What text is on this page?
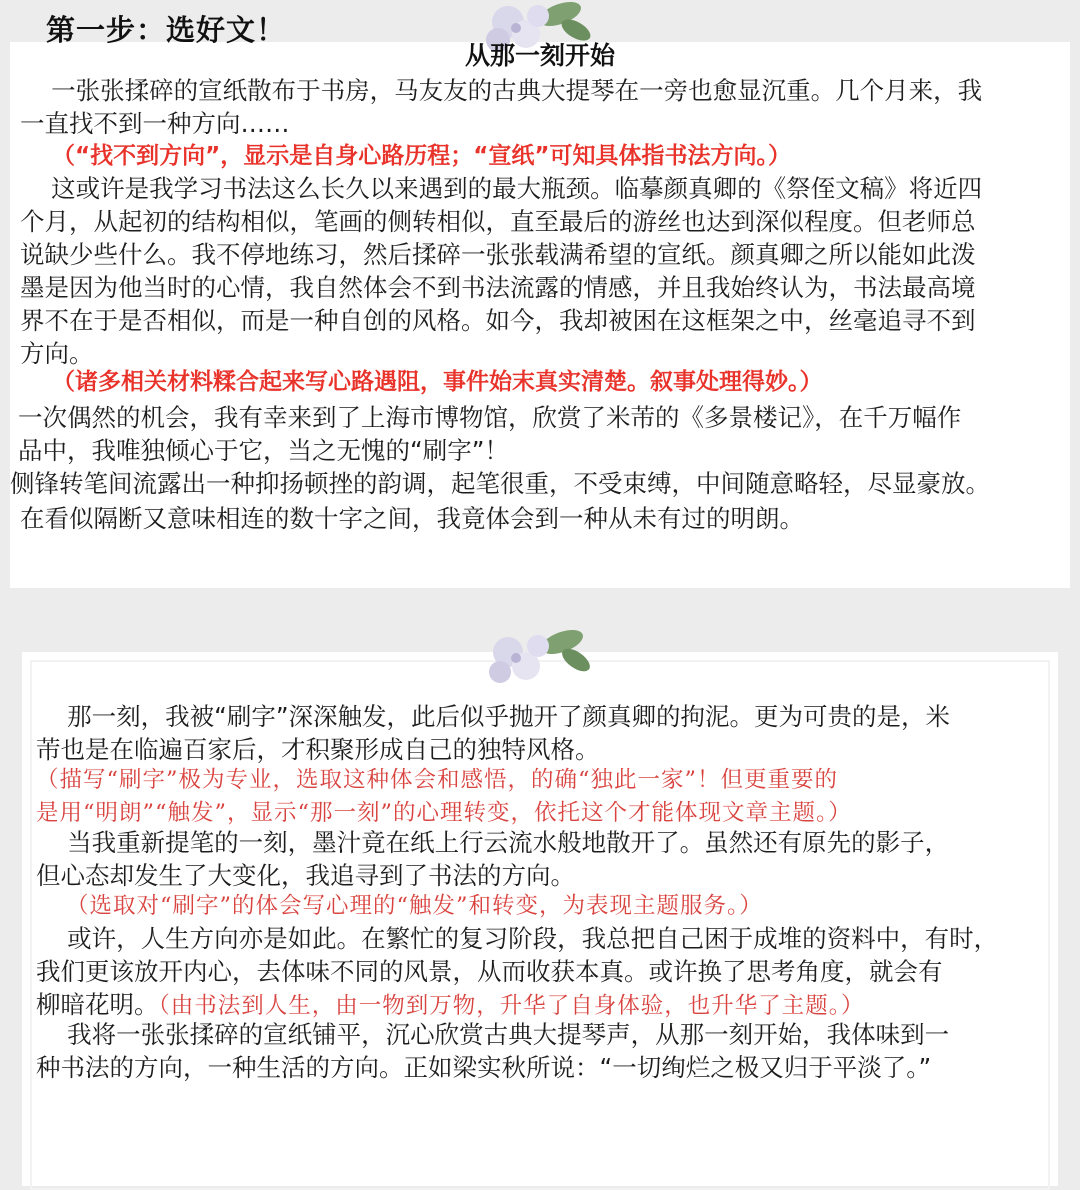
第一步：选好文！
从那一刻开始

一张张揉碎的宣纸散布于书房，马友友的古典大提琴在一旁也愈显沉重。几个月来，我
一直找不到一种方向……

（“找不到方向”，显示是自身心路历程；“宣纸”可知具体指书法方向。）

这或许是我学习书法这么长久以来遇到的最大瓶颈。临摹颜真卿的《祭侄文稿》将近四
个月，从起初的结构相似，笔画的侧转相似，直至最后的游丝也达到深似程度。但老师总
说缺少些什么。我不停地练习，然后揉碎一张张载满希望的宣纸。颜真卿之所以能如此泼
墨是因为他当时的心情，我自然体会不到书法流露的情感，并且我始终认为，书法最高境
界不在于是否相似，而是一种自创的风格。如今，我却被困在这框架之中，丝毫追寻不到
方向。

（诸多相关材料糅合起来写心路遇阻，事件始末真实清楚。叙事处理得妙。）

一次偶然的机会，我有幸来到了上海市博物馆，欣赏了米芾的《多景楼记》，在千万幅作
品中，我唯独倾心于它，当之无愧的“刷字”！

侧锋转笔间流露出一种抑扬顿挫的韵调，起笔很重，不受束缚，中间随意略轻，尽显豪放。

在看似隔断又意味相连的数十字之间，我竟体会到一种从未有过的明朗。

那一刻，我被“刷字”深深触发，此后似乎抛开了颜真卿的拘泥。更为可贵的是，米
芾也是在临遍百家后，才积聚形成自己的独特风格。

（描写“刷字”极为专业，选取这种体会和感悟，的确“独此一家”！但更重要的
是用“明朗”“触发”，显示“那一刻”的心理转变，依托这个才能体现文章主题。）

当我重新提笔的一刻，墨汁竟在纸上行云流水般地散开了。虽然还有原先的影子，
但心态却发生了大变化，我追寻到了书法的方向。

（选取对“刷字”的体会写心理的“触发”和转变，为表现主题服务。）

或许，人生方向亦是如此。在繁忙的复习阶段，我总把自己困于成堆的资料中，有时，
我们更该放开内心，去体味不同的风景，从而收获本真。或许换了思考角度，就会有
柳暗花明。（由书法到人生，由一物到万物，升华了自身体验，也升华了主题。）

我将一张张揉碎的宣纸铺平，沉心欣赏古典大提琴声，从那一刻开始，我体味到一
种书法的方向，一种生活的方向。正如梁实秋所说：“一切绚烂之极又归于平淡了。”
